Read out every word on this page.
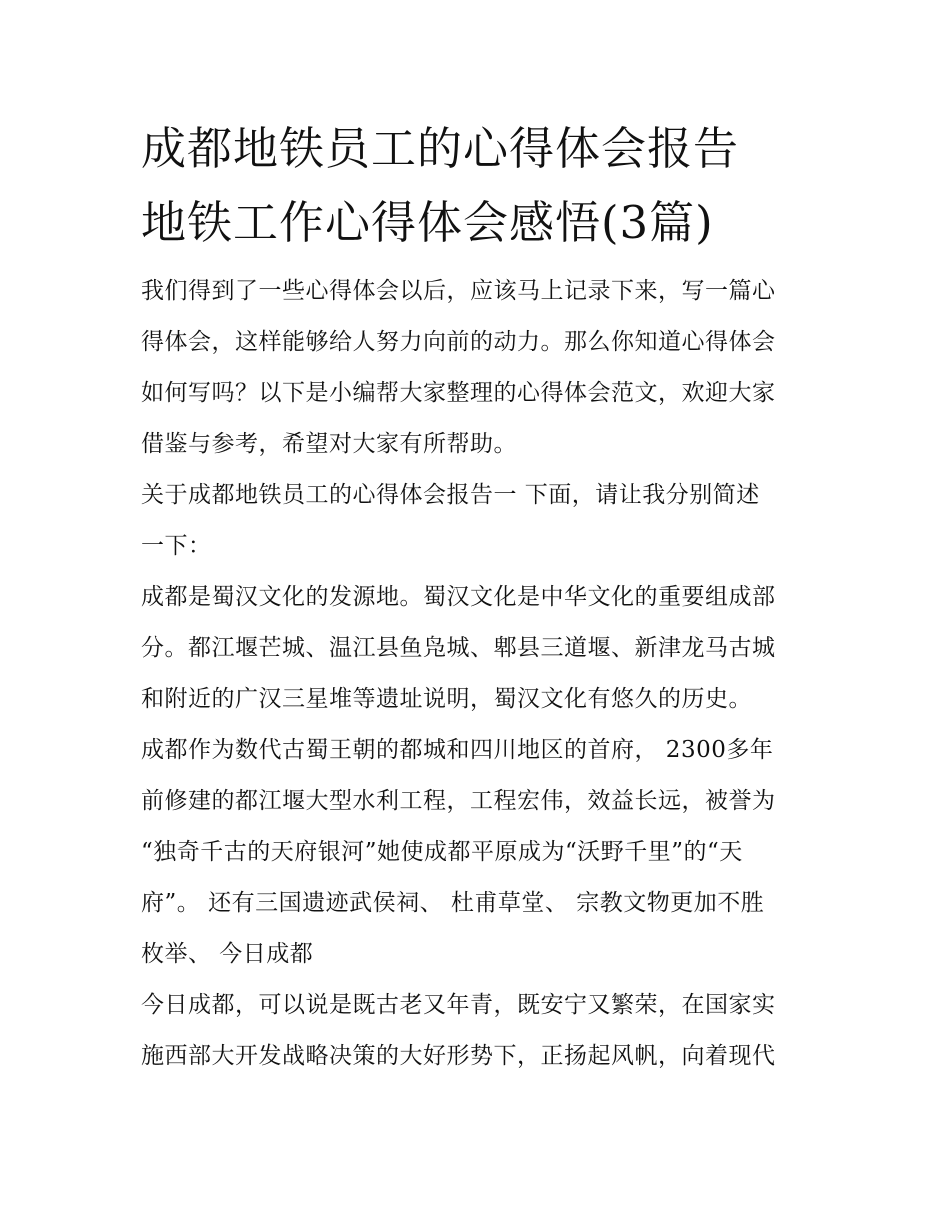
成都地铁员工的心得体会报告
地铁工作心得体会感悟(3篇)

我们得到了一些心得体会以后，应该马上记录下来，写一篇心
得体会，这样能够给人努力向前的动力。那么你知道心得体会
如何写吗？以下是小编帮大家整理的心得体会范文，欢迎大家
借鉴与参考，希望对大家有所帮助。

关于成都地铁员工的心得体会报告一 下面，请让我分别简述
一下：

成都是蜀汉文化的发源地。蜀汉文化是中华文化的重要组成部
分。都江堰芒城、温江县鱼凫城、郫县三道堰、新津龙马古城
和附近的广汉三星堆等遗址说明，蜀汉文化有悠久的历史。

成都作为数代古蜀王朝的都城和四川地区的首府， 2300多年
前修建的都江堰大型水利工程，工程宏伟，效益长远，被誉为
“独奇千古的天府银河”她使成都平原成为“沃野千里”的“天
府”。 还有三国遗迹武侯祠、 杜甫草堂、 宗教文物更加不胜
枚举、 今日成都

今日成都，可以说是既古老又年青，既安宁又繁荣，在国家实
施西部大开发战略决策的大好形势下，正扬起风帆，向着现代
